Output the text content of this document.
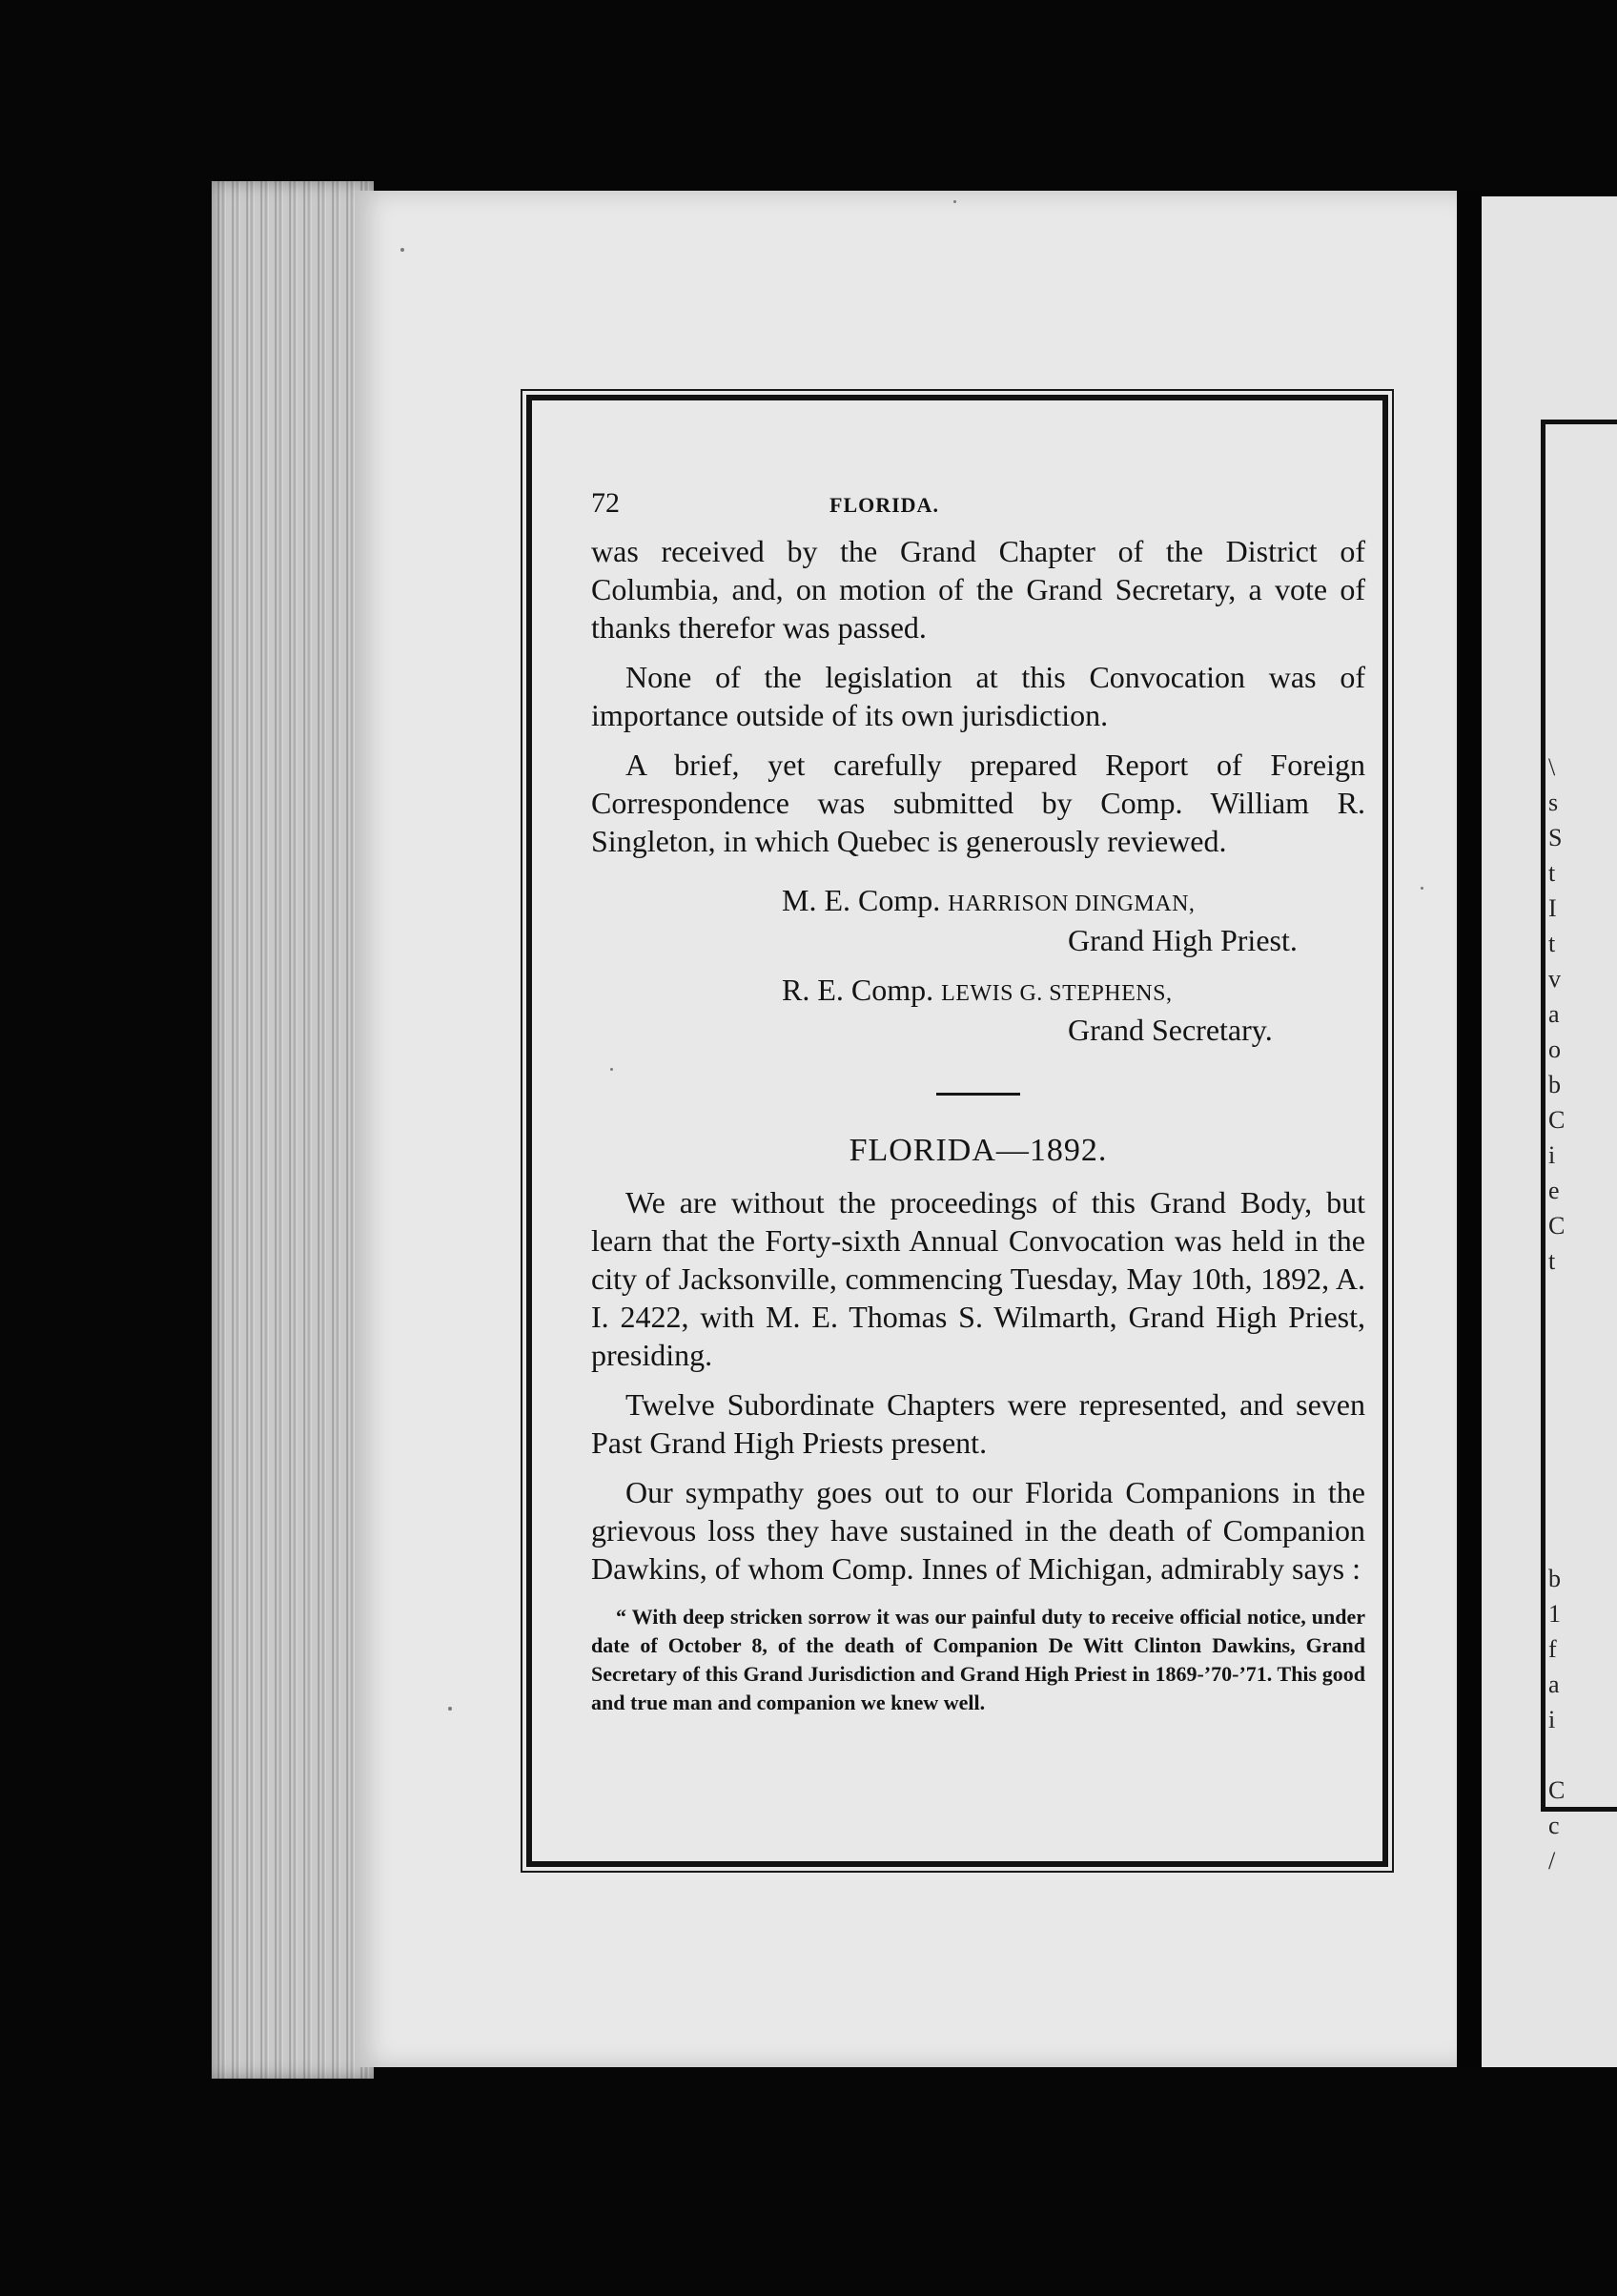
\
s
S
t
I
t
v
a
o
b
C
i
e
C
t
b
1
f
a
i
C
c
/
72	FLORIDA.

was received by the Grand Chapter of the District of Columbia, and, on motion of the Grand Secretary, a vote of thanks therefor was passed.

None of the legislation at this Convocation was of importance outside of its own jurisdiction.

A brief, yet carefully prepared Report of Foreign Correspondence was submitted by Comp. William R. Singleton, in which Quebec is generously reviewed.

M. E. Comp. HARRISON DINGMAN,
Grand High Priest.
R. E. Comp. LEWIS G. STEPHENS,
Grand Secretary.
FLORIDA—1892.

We are without the proceedings of this Grand Body, but learn that the Forty-sixth Annual Convocation was held in the city of Jacksonville, commencing Tuesday, May 10th, 1892, A. I. 2422, with M. E. Thomas S. Wilmarth, Grand High Priest, presiding.

Twelve Subordinate Chapters were represented, and seven Past Grand High Priests present.

Our sympathy goes out to our Florida Companions in the grievous loss they have sustained in the death of Companion Dawkins, of whom Comp. Innes of Michigan, admirably says :

“ With deep stricken sorrow it was our painful duty to receive official notice, under date of October 8, of the death of Companion De Witt Clinton Dawkins, Grand Secretary of this Grand Jurisdiction and Grand High Priest in 1869-’70-’71. This good and true man and companion we knew well.
